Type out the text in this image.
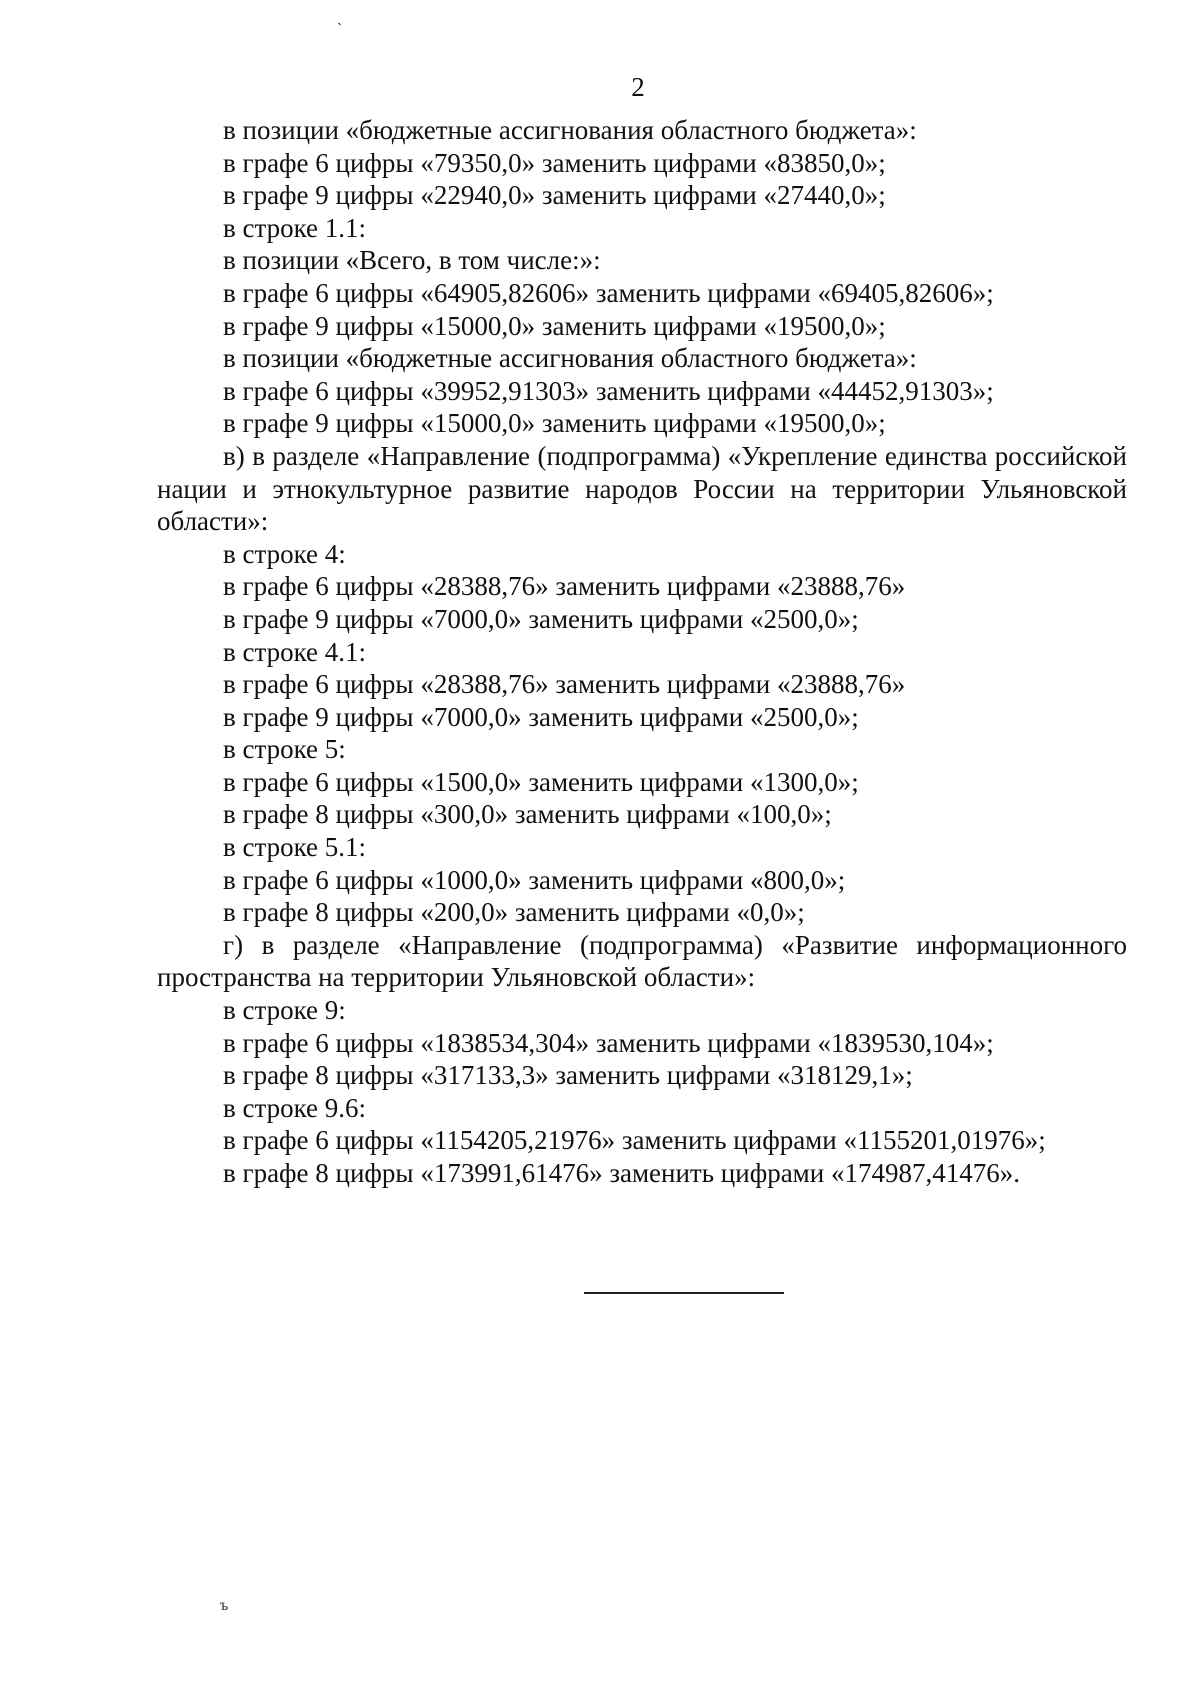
`
2
в позиции «бюджетные ассигнования областного бюджета»:
в графе 6 цифры «79350,0» заменить цифрами «83850,0»;
в графе 9 цифры «22940,0» заменить цифрами «27440,0»;
в строке 1.1:
в позиции «Всего, в том числе:»:
в графе 6 цифры «64905,82606» заменить цифрами «69405,82606»;
в графе 9 цифры «15000,0» заменить цифрами «19500,0»;
в позиции «бюджетные ассигнования областного бюджета»:
в графе 6 цифры «39952,91303» заменить цифрами «44452,91303»;
в графе 9 цифры «15000,0» заменить цифрами «19500,0»;
в) в разделе «Направление (подпрограмма) «Укрепление единства российской нации и этнокультурное развитие народов России на территории Ульяновской области»:
в строке 4:
в графе 6 цифры «28388,76» заменить цифрами «23888,76»
в графе 9 цифры «7000,0» заменить цифрами «2500,0»;
в строке 4.1:
в графе 6 цифры «28388,76» заменить цифрами «23888,76»
в графе 9 цифры «7000,0» заменить цифрами «2500,0»;
в строке 5:
в графе 6 цифры «1500,0» заменить цифрами «1300,0»;
в графе 8 цифры «300,0» заменить цифрами «100,0»;
в строке 5.1:
в графе 6 цифры «1000,0» заменить цифрами «800,0»;
в графе 8 цифры «200,0» заменить цифрами «0,0»;
г) в разделе «Направление (подпрограмма) «Развитие информационного пространства на территории Ульяновской области»:
в строке 9:
в графе 6 цифры «1838534,304» заменить цифрами «1839530,104»;
в графе 8 цифры «317133,3» заменить цифрами «318129,1»;
в строке 9.6:
в графе 6 цифры «1154205,21976» заменить цифрами «1155201,01976»;
в графе 8 цифры «173991,61476» заменить цифрами «174987,41476».
ъ
